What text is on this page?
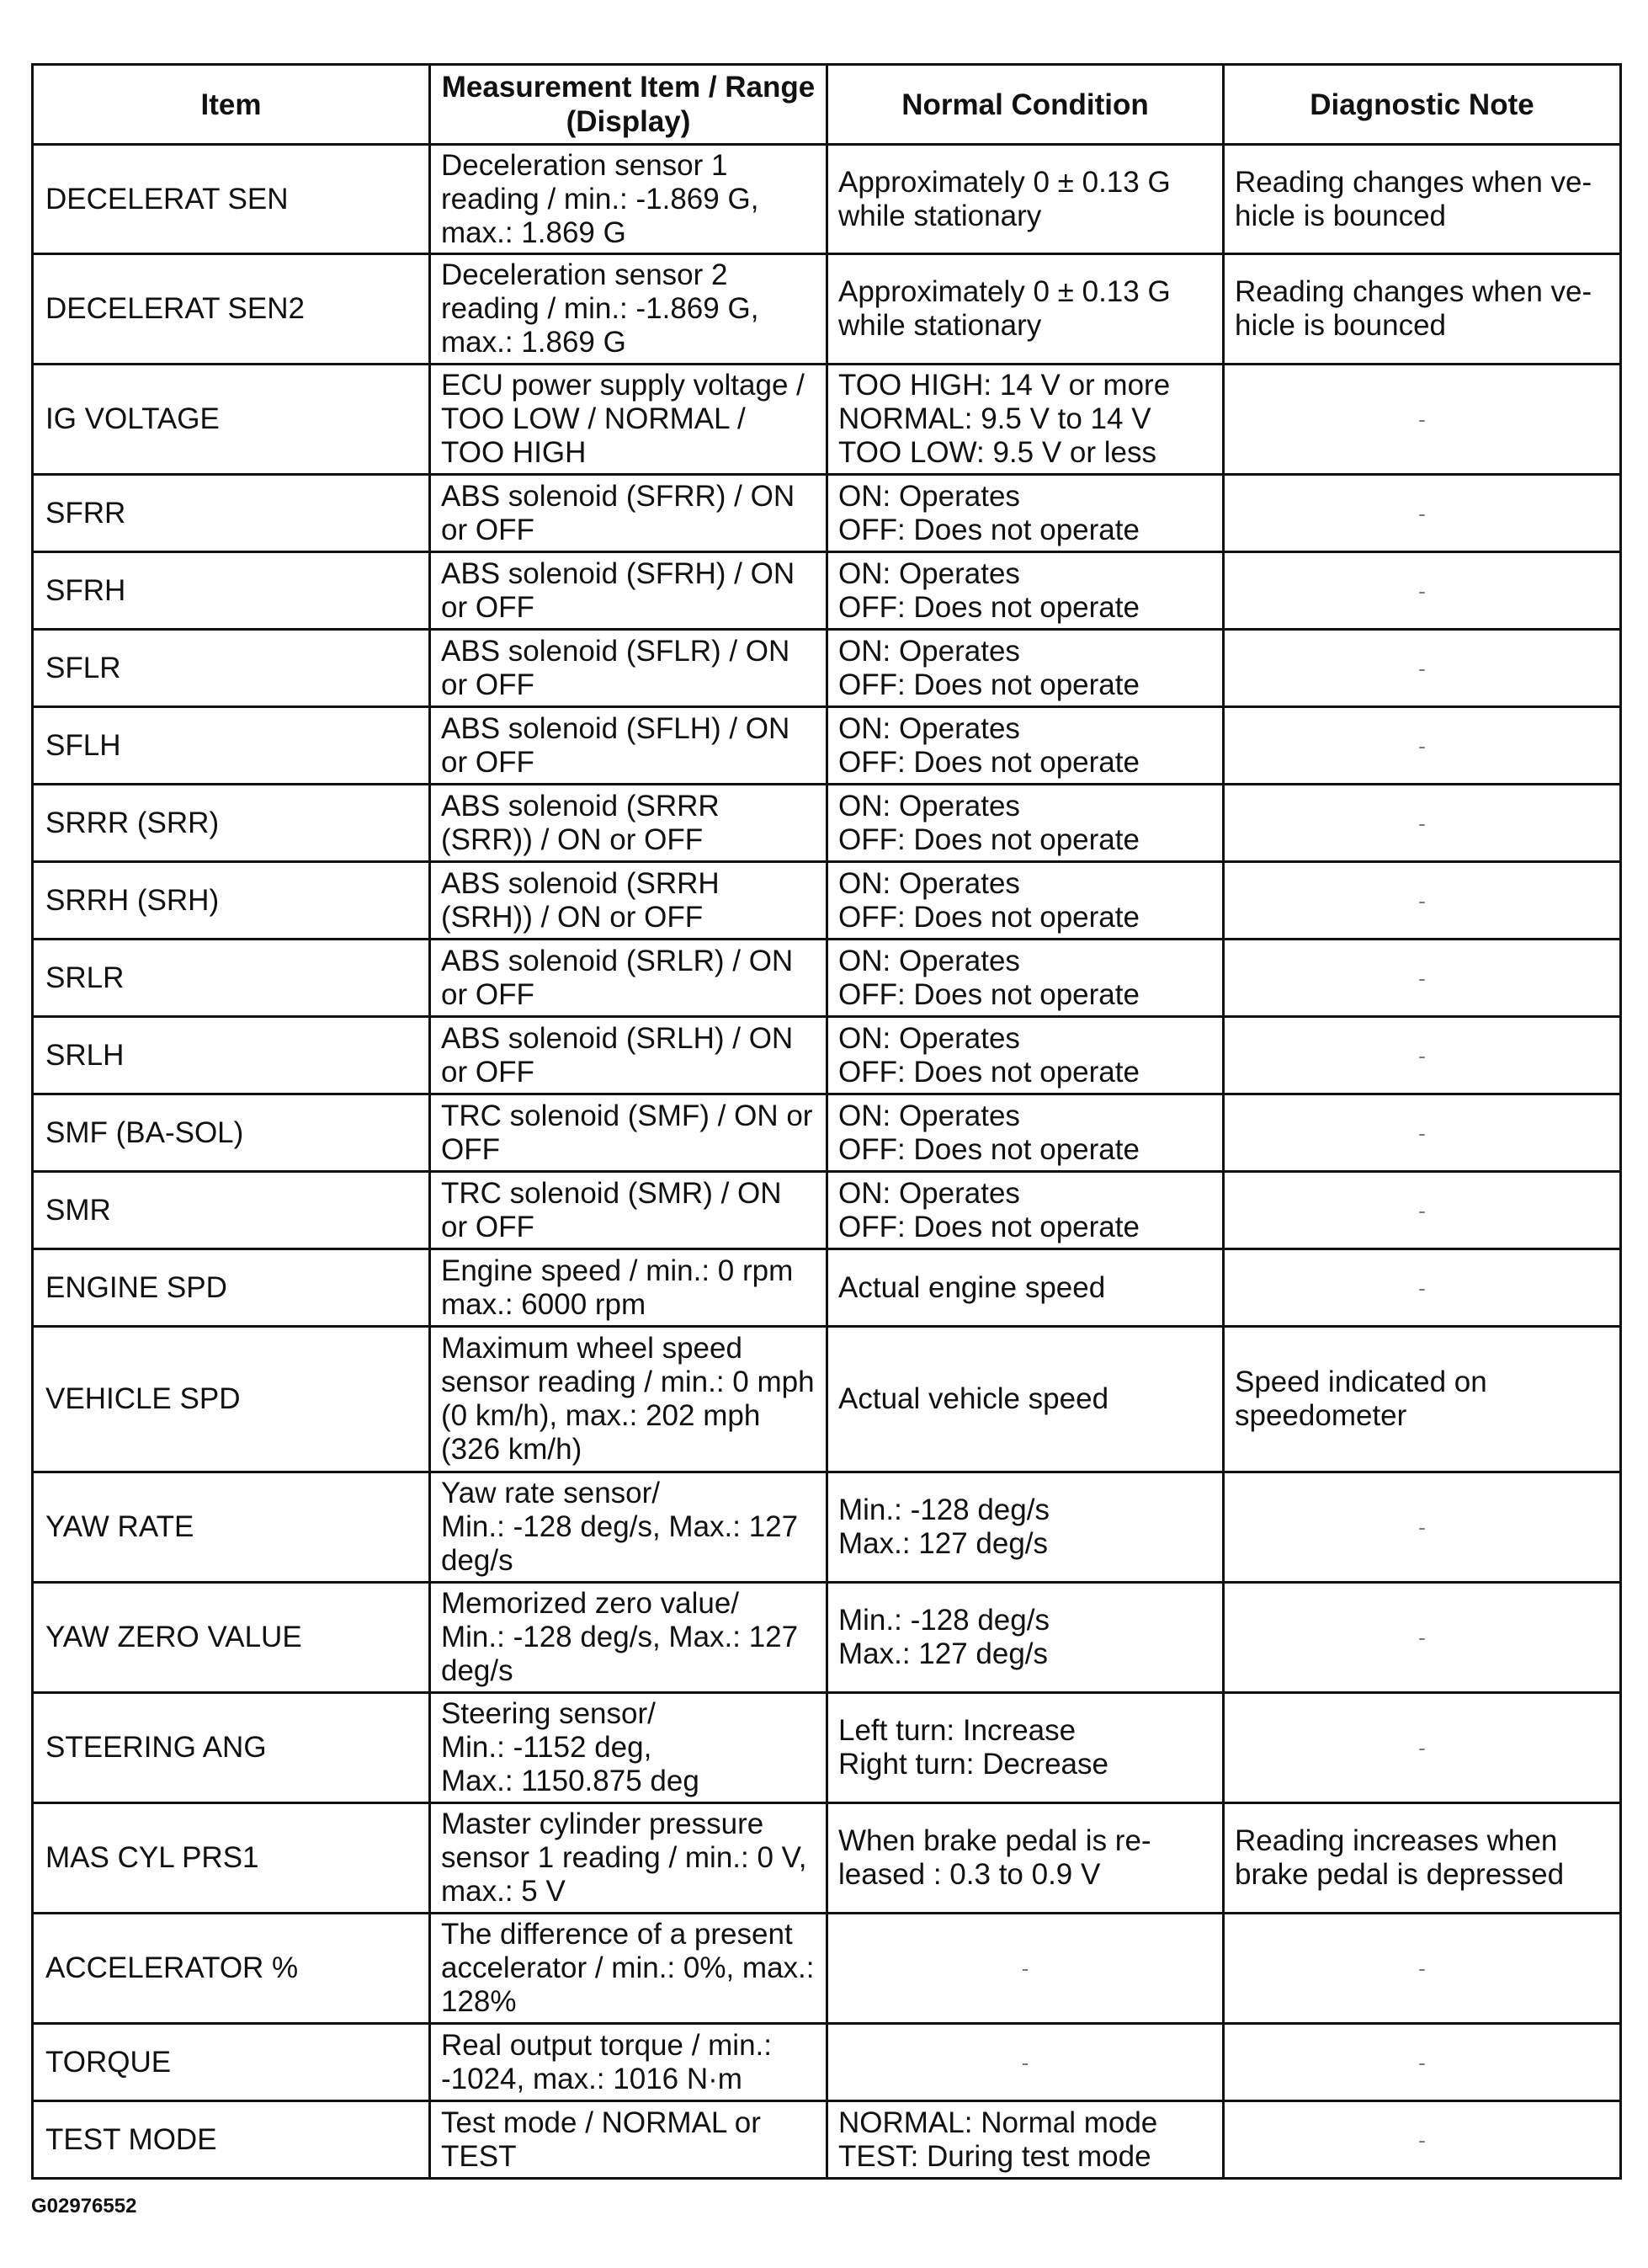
Item	Measurement Item / Range (Display)	Normal Condition	Diagnostic Note
DECELERAT SEN	Deceleration sensor 1 reading / min.: -1.869 G, max.: 1.869 G	Approximately 0 ± 0.13 G while stationary	Reading changes when ve-
hicle is bounced
DECELERAT SEN2	Deceleration sensor 2 reading / min.: -1.869 G, max.: 1.869 G	Approximately 0 ± 0.13 G while stationary	Reading changes when ve-
hicle is bounced
IG VOLTAGE	ECU power supply voltage / TOO LOW / NORMAL / TOO HIGH	TOO HIGH: 14 V or more
NORMAL: 9.5 V to 14 V
TOO LOW: 9.5 V or less	-
SFRR	ABS solenoid (SFRR) / ON or OFF	ON: Operates
OFF: Does not operate	-
SFRH	ABS solenoid (SFRH) / ON or OFF	ON: Operates
OFF: Does not operate	-
SFLR	ABS solenoid (SFLR) / ON or OFF	ON: Operates
OFF: Does not operate	-
SFLH	ABS solenoid (SFLH) / ON or OFF	ON: Operates
OFF: Does not operate	-
SRRR (SRR)	ABS solenoid (SRRR (SRR)) / ON or OFF	ON: Operates
OFF: Does not operate	-
SRRH (SRH)	ABS solenoid (SRRH (SRH)) / ON or OFF	ON: Operates
OFF: Does not operate	-
SRLR	ABS solenoid (SRLR) / ON or OFF	ON: Operates
OFF: Does not operate	-
SRLH	ABS solenoid (SRLH) / ON or OFF	ON: Operates
OFF: Does not operate	-
SMF (BA-SOL)	TRC solenoid (SMF) / ON or OFF	ON: Operates
OFF: Does not operate	-
SMR	TRC solenoid (SMR) / ON or OFF	ON: Operates
OFF: Does not operate	-
ENGINE SPD	Engine speed / min.: 0 rpm max.: 6000 rpm	Actual engine speed	-
VEHICLE SPD	Maximum wheel speed sensor reading / min.: 0 mph (0 km/h), max.: 202 mph (326 km/h)	Actual vehicle speed	Speed indicated on speedometer
YAW RATE	Yaw rate sensor/
Min.: -128 deg/s, Max.: 127 deg/s	Min.: -128 deg/s
Max.: 127 deg/s	-
YAW ZERO VALUE	Memorized zero value/
Min.: -128 deg/s, Max.: 127 deg/s	Min.: -128 deg/s
Max.: 127 deg/s	-
STEERING ANG	Steering sensor/
Min.: -1152 deg,
Max.: 1150.875 deg	Left turn: Increase
Right turn: Decrease	-
MAS CYL PRS1	Master cylinder pressure sensor 1 reading / min.: 0 V, max.: 5 V	When brake pedal is re-
leased : 0.3 to 0.9 V	Reading increases when brake pedal is depressed
ACCELERATOR %	The difference of a present accelerator / min.: 0%, max.: 128%	-	-
TORQUE	Real output torque / min.: -1024, max.: 1016 N·m	-	-
TEST MODE	Test mode / NORMAL or TEST	NORMAL: Normal mode
TEST: During test mode	-
G02976552
